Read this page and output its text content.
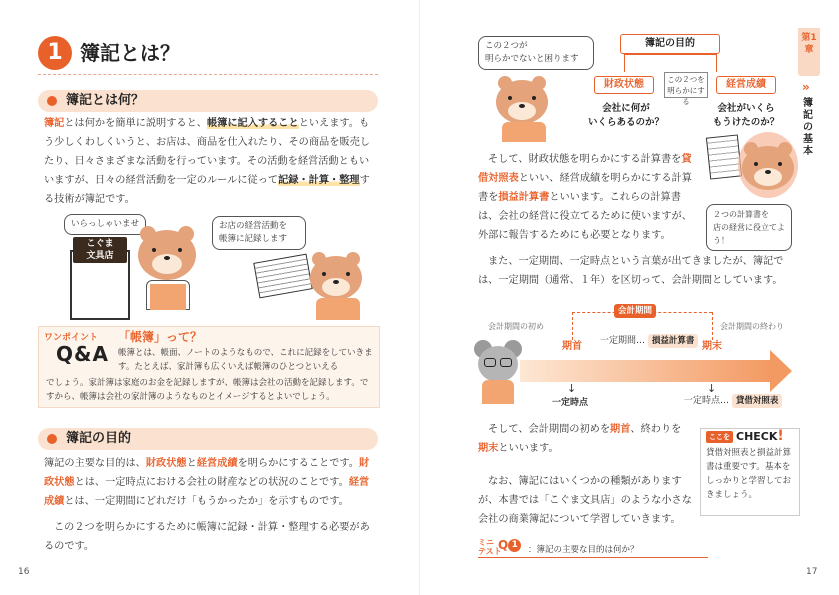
1 簿記とは？
簿記とは何？
簿記とは何かを簡単に説明すると、帳簿に記入することといえます。もう少しくわしくいうと、お店は、商品を仕入れたり、その商品を販売したり、日々さまざまな活動を行っています。その活動を経営活動ともいいますが、日々の経営活動を一定のルールに従って記録・計算・整理する技術が簿記です。
いらっしゃいませ
こぐま
文具店
お店の経営活動を
帳簿に記録します
ワンポイント
Q&A
「帳簿」って？
帳簿とは、帳面、ノートのようなもので、これに記録をしていきます。たとえば、家計簿も広くいえば帳簿のひとつといえる
でしょう。家計簿は家庭のお金を記録しますが、帳簿は会社の活動を記録します。ですから、帳簿は会社の家計簿のようなものとイメージするとよいでしょう。
簿記の目的
簿記の主要な目的は、財政状態と経営成績を明らかにすることです。財政状態とは、一定時点における会社の財産などの状況のことです。経営成績とは、一定期間にどれだけ「もうかったか」を示すものです。
この２つを明らかにするために帳簿に記録・計算・整理する必要があるのです。
16
第1章
»
簿記の基本
この２つが
明らかでないと困ります
簿記の目的
財政状態	この２つを
明らかにする
経営成績
会社に何が
いくらあるのか？
会社がいくら
もうけたのか？
２つの計算書を
店の経営に役立てよう！
そして、財政状態を明らかにする計算書を貸借対照表といい、経営成績を明らかにする計算書を損益計算書といいます。これらの計算書は、会社の経営に役立てるために使いますが、外部に報告するためにも必要となります。
また、一定期間、一定時点という言葉が出てきましたが、簿記では、一定期間（通常、１年）を区切って、会計期間としています。
会計期間
会計期間の初め	会計期間の終わり
期首	期末
一定期間… 損益計算書
↓	↓
一定時点	一定時点… 貸借対照表
そして、会計期間の初めを期首、終わりを期末といいます。
なお、簿記にはいくつかの種類がありますが、本書では「こぐま文具店」のような小さな会社の商業簿記について学習していきます。
ここを CHECK!
貸借対照表と損益計算書は重要です。基本をしっかりと学習しておきましょう。
ミニ
テスト
Q 1	：簿記の主要な目的は何か？
17
